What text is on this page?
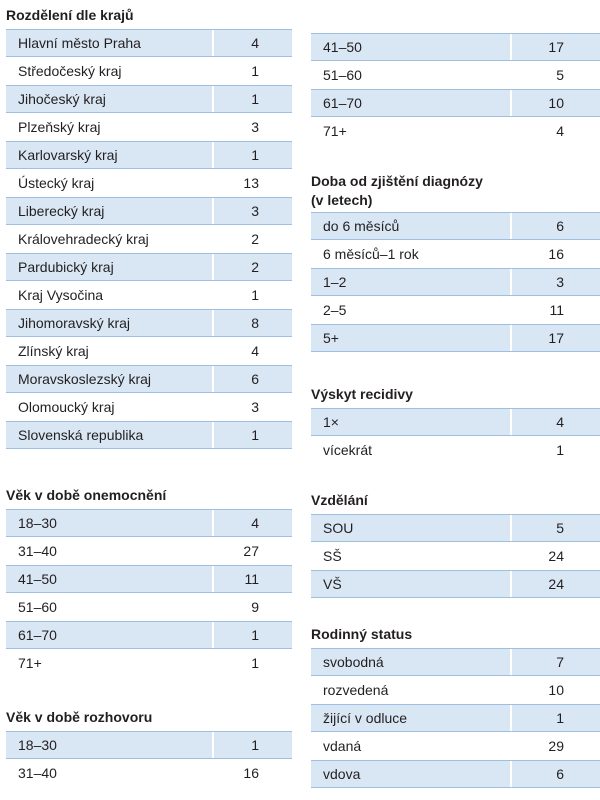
Rozdělení dle krajů
Hlavní město Praha	4
Středočeský kraj	1
Jihočeský kraj	1
Plzeňský kraj	3
Karlovarský kraj	1
Ústecký kraj	13
Liberecký kraj	3
Královehradecký kraj	2
Pardubický kraj	2
Kraj Vysočina	1
Jihomoravský kraj	8
Zlínský kraj	4
Moravskoslezský kraj	6
Olomoucký kraj	3
Slovenská republika	1
Věk v době onemocnění
18–30	4
31–40	27
41–50	11
51–60	9
61–70	1
71+	1
Věk v době rozhovoru
18–30	1
31–40	16
41–50	17
51–60	5
61–70	10
71+	4
Doba od zjištění diagnózy
(v letech)
do 6 měsíců	6
6 měsíců–1 rok	16
1–2	3
2–5	11
5+	17
Výskyt recidivy
1×	4
vícekrát	1
Vzdělání
SOU	5
SŠ	24
VŠ	24
Rodinný status
svobodná	7
rozvedená	10
žijící v odluce	1
vdaná	29
vdova	6
